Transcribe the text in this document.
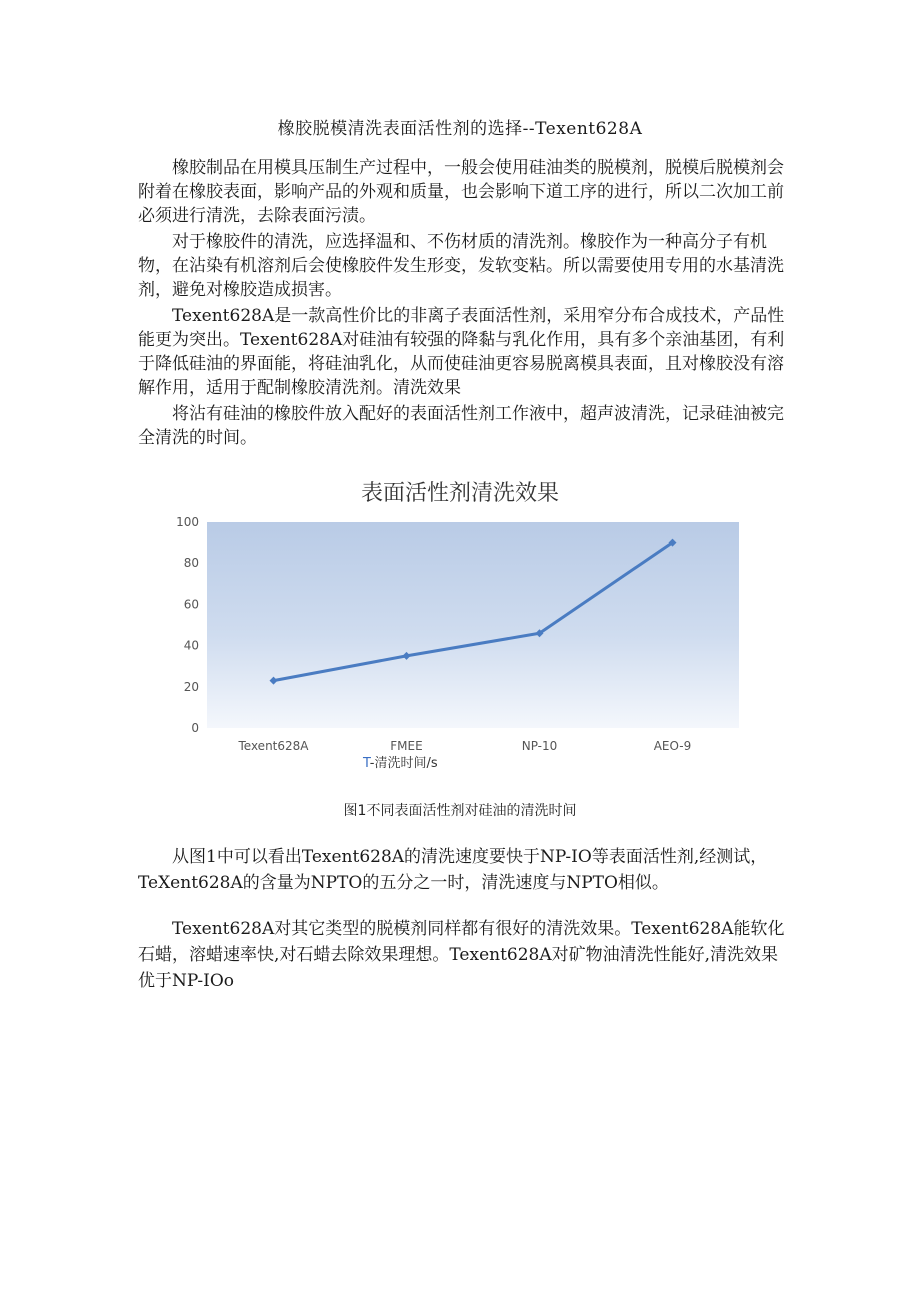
橡胶脱模清洗表面活性剂的选择--Texent628A

橡胶制品在用模具压制生产过程中，一般会使用硅油类的脱模剂，脱模后脱模剂会附着在橡胶表面，影响产品的外观和质量，也会影响下道工序的进行，所以二次加工前必须进行清洗，去除表面污渍。

对于橡胶件的清洗，应选择温和、不伤材质的清洗剂。橡胶作为一种高分子有机物，在沾染有机溶剂后会使橡胶件发生形变，发软变粘。所以需要使用专用的水基清洗剂，避免对橡胶造成损害。

Texent628A是一款高性价比的非离子表面活性剂，采用窄分布合成技术，产品性能更为突出。Texent628A对硅油有较强的降黏与乳化作用，具有多个亲油基团，有利于降低硅油的界面能，将硅油乳化，从而使硅油更容易脱离模具表面，且对橡胶没有溶解作用，适用于配制橡胶清洗剂。清洗效果

将沾有硅油的橡胶件放入配好的表面活性剂工作液中，超声波清洗，记录硅油被完全清洗的时间。

表面活性剂清洗效果
0
20
40
60
80
100
Texent628A	FMEE	NP-10	AEO-9
T-清洗时间/s
图1不同表面活性剂对硅油的清洗时间

从图1中可以看出Texent628A的清洗速度要快于NP-IO等表面活性剂,经测试，TeXent628A的含量为NPTO的五分之一时，清洗速度与NPTO相似。

Texent628A对其它类型的脱模剂同样都有很好的清洗效果。Texent628A能软化石蜡，溶蜡速率快,对石蜡去除效果理想。Texent628A对矿物油清洗性能好,清洗效果优于NP-IOo
